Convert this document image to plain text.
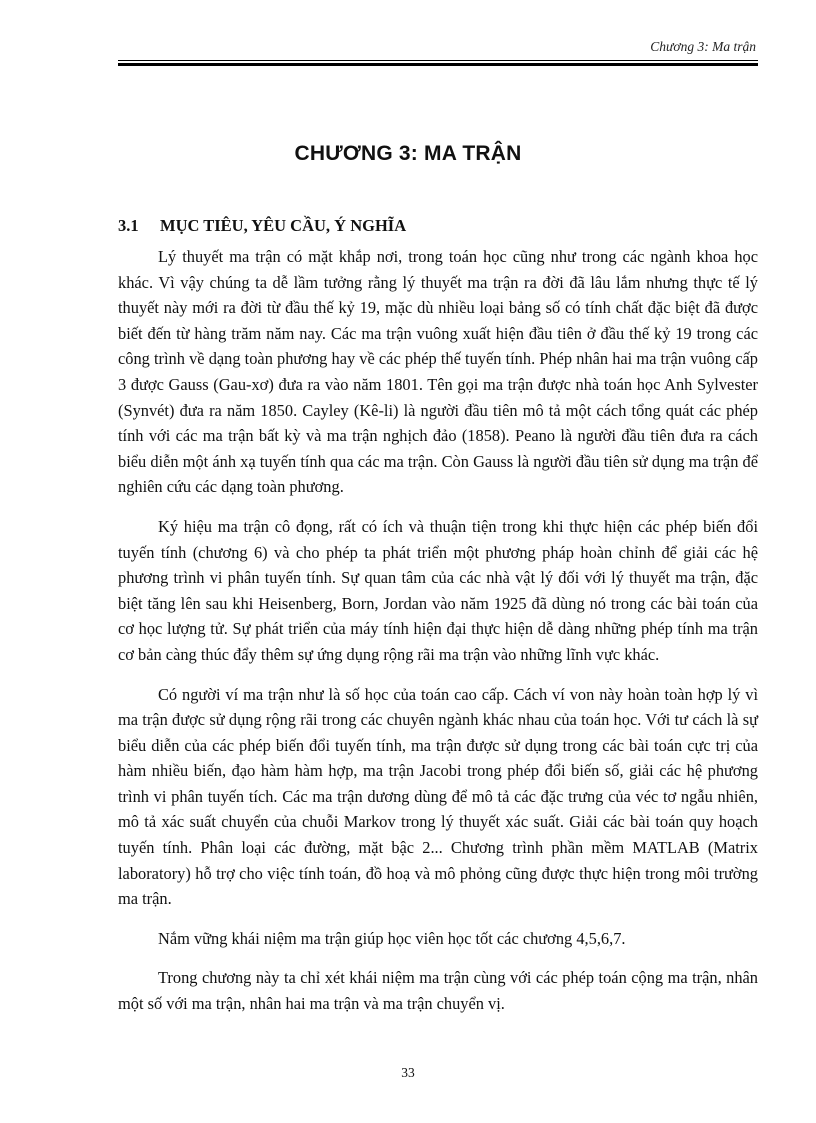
Chương 3: Ma trận
CHƯƠNG 3: MA TRẬN
3.1 MỤC TIÊU, YÊU CẦU, Ý NGHĨA

Lý thuyết ma trận có mặt khắp nơi, trong toán học cũng như trong các ngành khoa học khác. Vì vậy chúng ta dễ lầm tưởng rằng lý thuyết ma trận ra đời đã lâu lắm nhưng thực tế lý thuyết này mới ra đời từ đầu thế kỷ 19, mặc dù nhiều loại bảng số có tính chất đặc biệt đã được biết đến từ hàng trăm năm nay. Các ma trận vuông xuất hiện đầu tiên ở đầu thế kỷ 19 trong các công trình về dạng toàn phương hay về các phép thế tuyến tính. Phép nhân hai ma trận vuông cấp 3 được Gauss (Gau-xơ) đưa ra vào năm 1801. Tên gọi ma trận được nhà toán học Anh Sylvester (Synvét) đưa ra năm 1850. Cayley (Kê-li) là người đầu tiên mô tả một cách tổng quát các phép tính với các ma trận bất kỳ và ma trận nghịch đảo (1858). Peano là người đầu tiên đưa ra cách biểu diễn một ánh xạ tuyến tính qua các ma trận. Còn Gauss là người đầu tiên sử dụng ma trận để nghiên cứu các dạng toàn phương.

Ký hiệu ma trận cô đọng, rất có ích và thuận tiện trong khi thực hiện các phép biến đổi tuyến tính (chương 6) và cho phép ta phát triển một phương pháp hoàn chỉnh để giải các hệ phương trình vi phân tuyến tính. Sự quan tâm của các nhà vật lý đối với lý thuyết ma trận, đặc biệt tăng lên sau khi Heisenberg, Born, Jordan vào năm 1925 đã dùng nó trong các bài toán của cơ học lượng tử. Sự phát triển của máy tính hiện đại thực hiện dễ dàng những phép tính ma trận cơ bản càng thúc đẩy thêm sự ứng dụng rộng rãi ma trận vào những lĩnh vực khác.

Có người ví ma trận như là số học của toán cao cấp. Cách ví von này hoàn toàn hợp lý vì ma trận được sử dụng rộng rãi trong các chuyên ngành khác nhau của toán học. Với tư cách là sự biểu diễn của các phép biến đổi tuyến tính, ma trận được sử dụng trong các bài toán cực trị của hàm nhiều biến, đạo hàm hàm hợp, ma trận Jacobi trong phép đổi biến số, giải các hệ phương trình vi phân tuyến tích. Các ma trận dương dùng để mô tả các đặc trưng của véc tơ ngẫu nhiên, mô tả xác suất chuyển của chuỗi Markov trong lý thuyết xác suất. Giải các bài toán quy hoạch tuyến tính. Phân loại các đường, mặt bậc 2... Chương trình phần mềm MATLAB (Matrix laboratory) hỗ trợ cho việc tính toán, đồ hoạ và mô phỏng cũng được thực hiện trong môi trường ma trận.

Nắm vững khái niệm ma trận giúp học viên học tốt các chương 4,5,6,7.

Trong chương này ta chỉ xét khái niệm ma trận cùng với các phép toán cộng ma trận, nhân một số với ma trận, nhân hai ma trận và ma trận chuyển vị.

33
